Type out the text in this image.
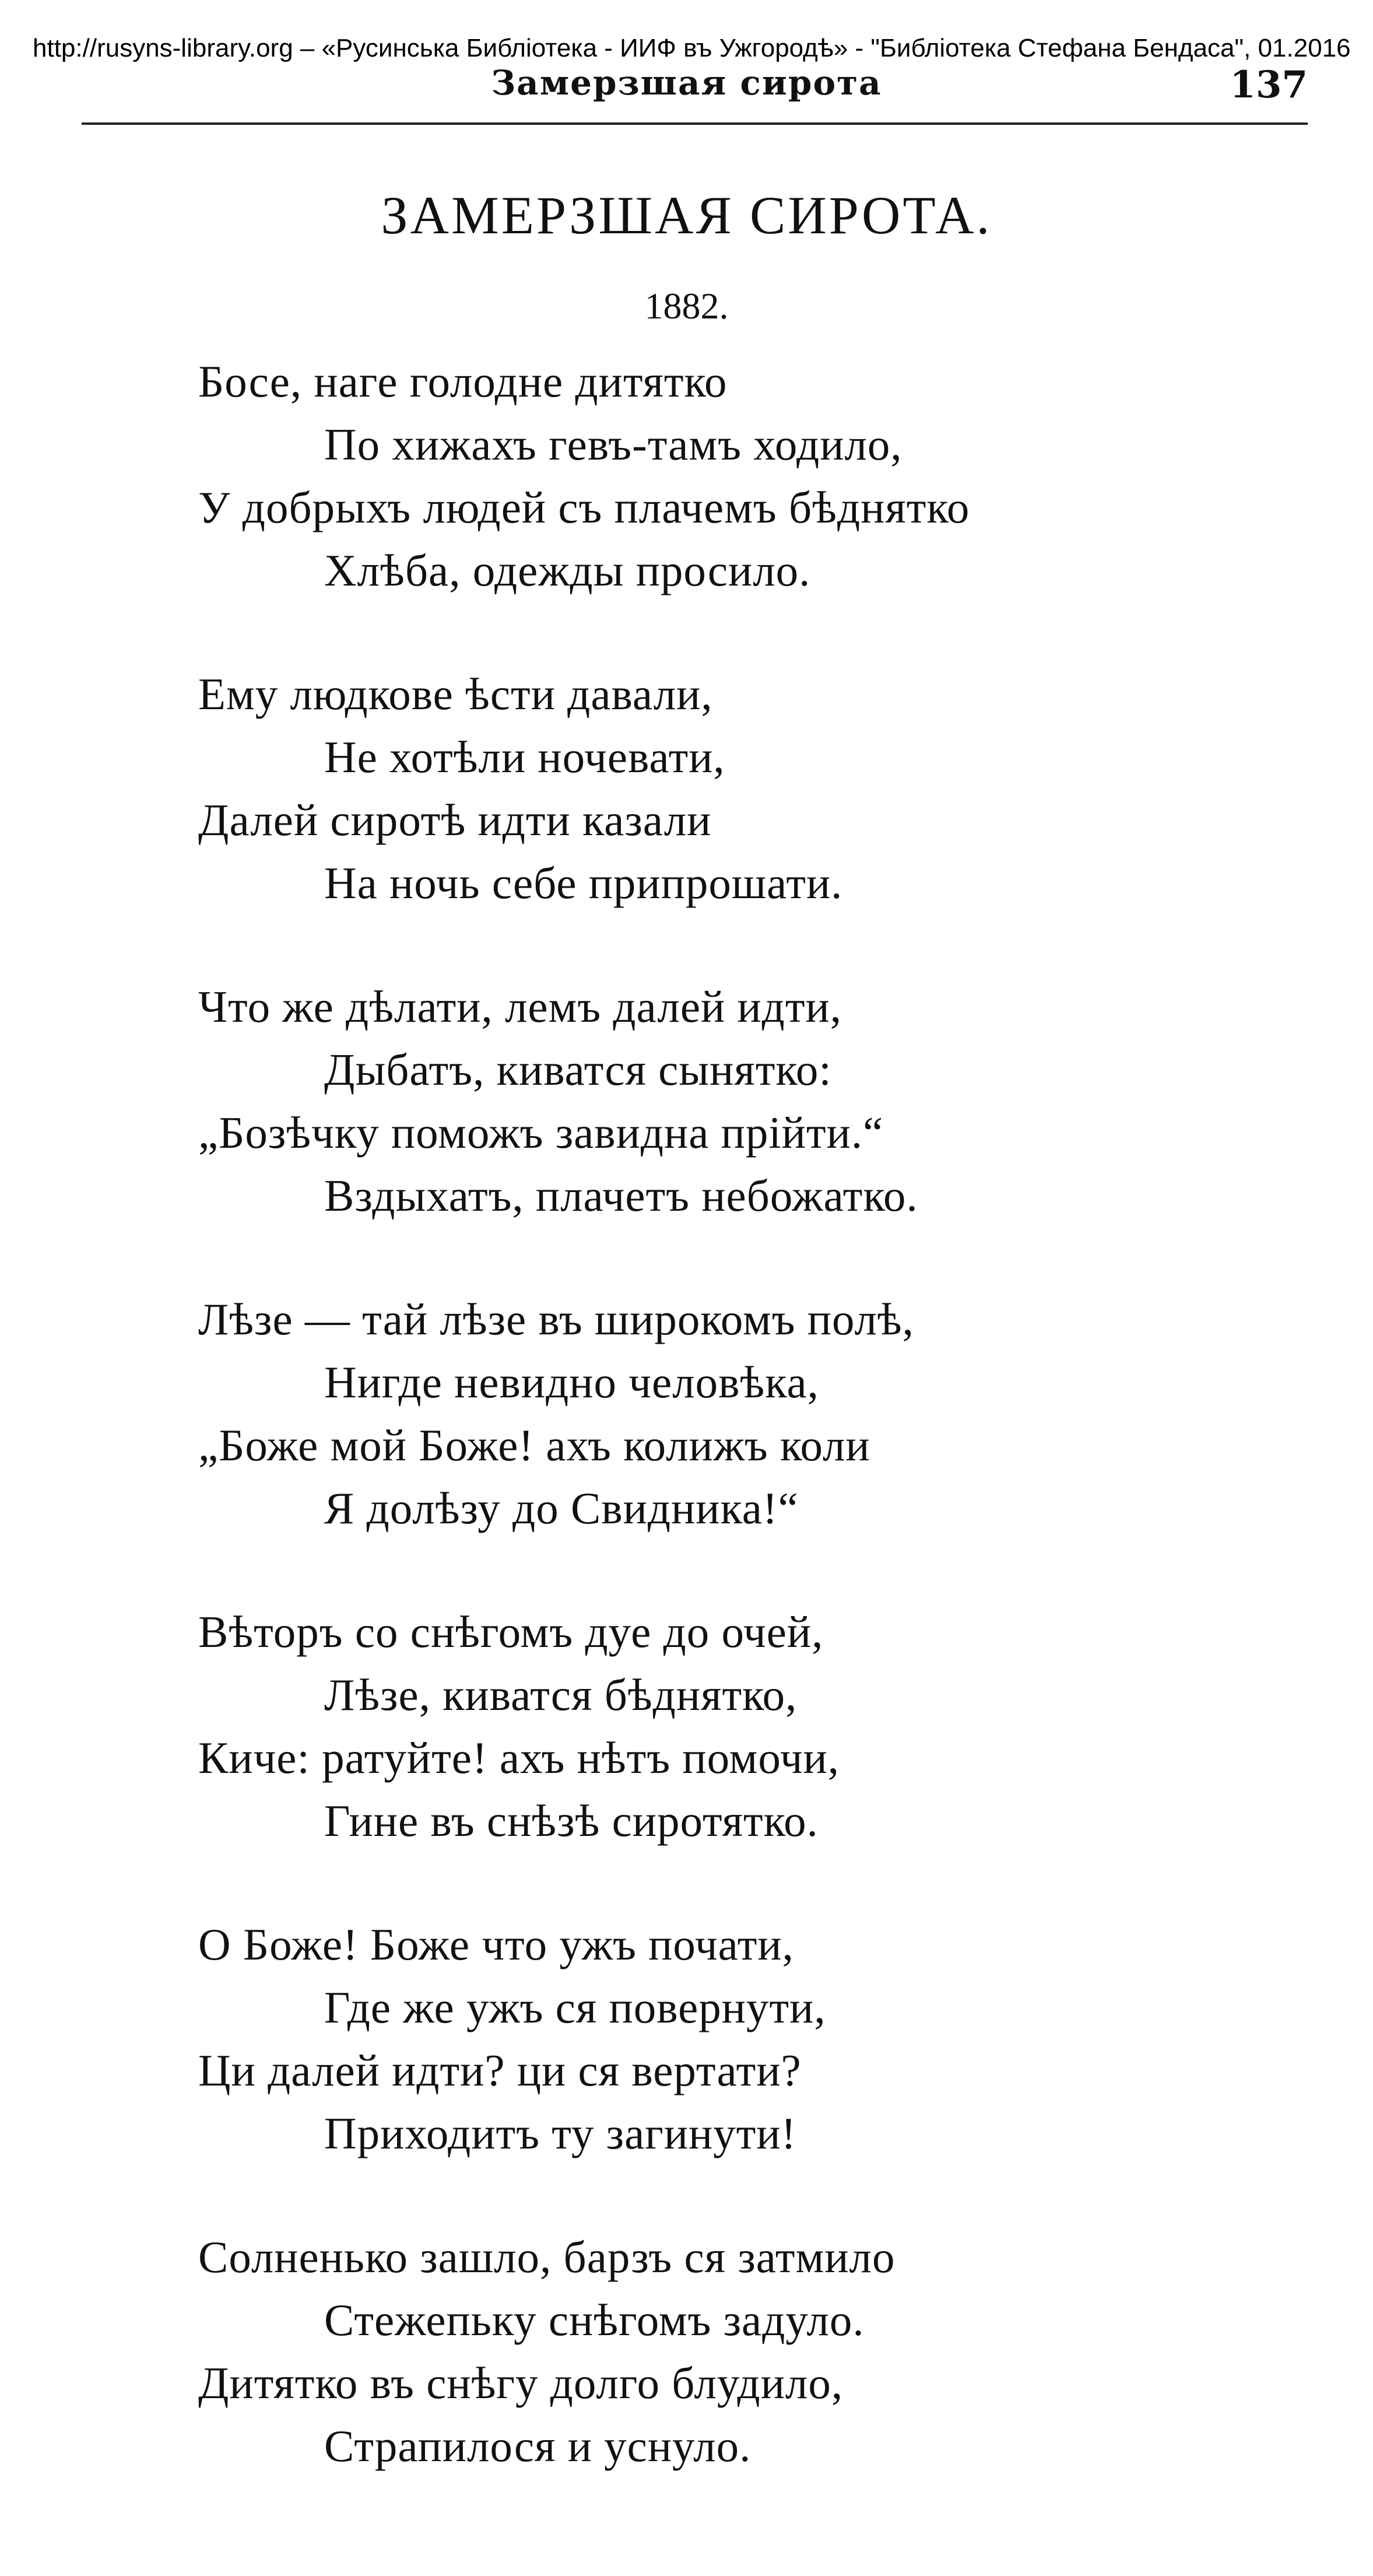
http://rusyns-library.org – «Русинська Библіотека - ИИФ въ Ужгородѣ» - "Библіотека Стефана Бендаса", 01.2016
Замерзшая сирота	137
ЗАМЕРЗШАЯ СИРОТА.
1882.
Босе, наге голодне дитятко
По хижахъ гевъ-тамъ ходило,
У добрыхъ людей съ плачемъ бѣднятко
Хлѣба, одежды просило.
Ему людкове ѣсти давали,
Не хотѣли ночевати,
Далей сиротѣ идти казали
На ночь себе припрошати.
Что же дѣлати, лемъ далей идти,
Дыбатъ, киватся сынятко:
„Бозѣчку поможъ завидна прійти.“
Вздыхатъ, плачетъ небожатко.
Лѣзе — тай лѣзе въ широкомъ полѣ,
Нигде невидно человѣка,
„Боже мой Боже! ахъ колижъ коли
Я долѣзу до Свидника!“
Вѣторъ со снѣгомъ дуе до очей,
Лѣзе, киватся бѣднятко,
Киче: ратуйте! ахъ нѣтъ помочи,
Гине въ снѣзѣ сиротятко.
О Боже! Боже что ужъ почати,
Где же ужъ ся повернути,
Ци далей идти? ци ся вертати?
Приходитъ ту загинути!
Солненько зашло, барзъ ся затмило
Стежепьку снѣгомъ задуло.
Дитятко въ снѣгу долго блудило,
Страпилося и уснуло.
